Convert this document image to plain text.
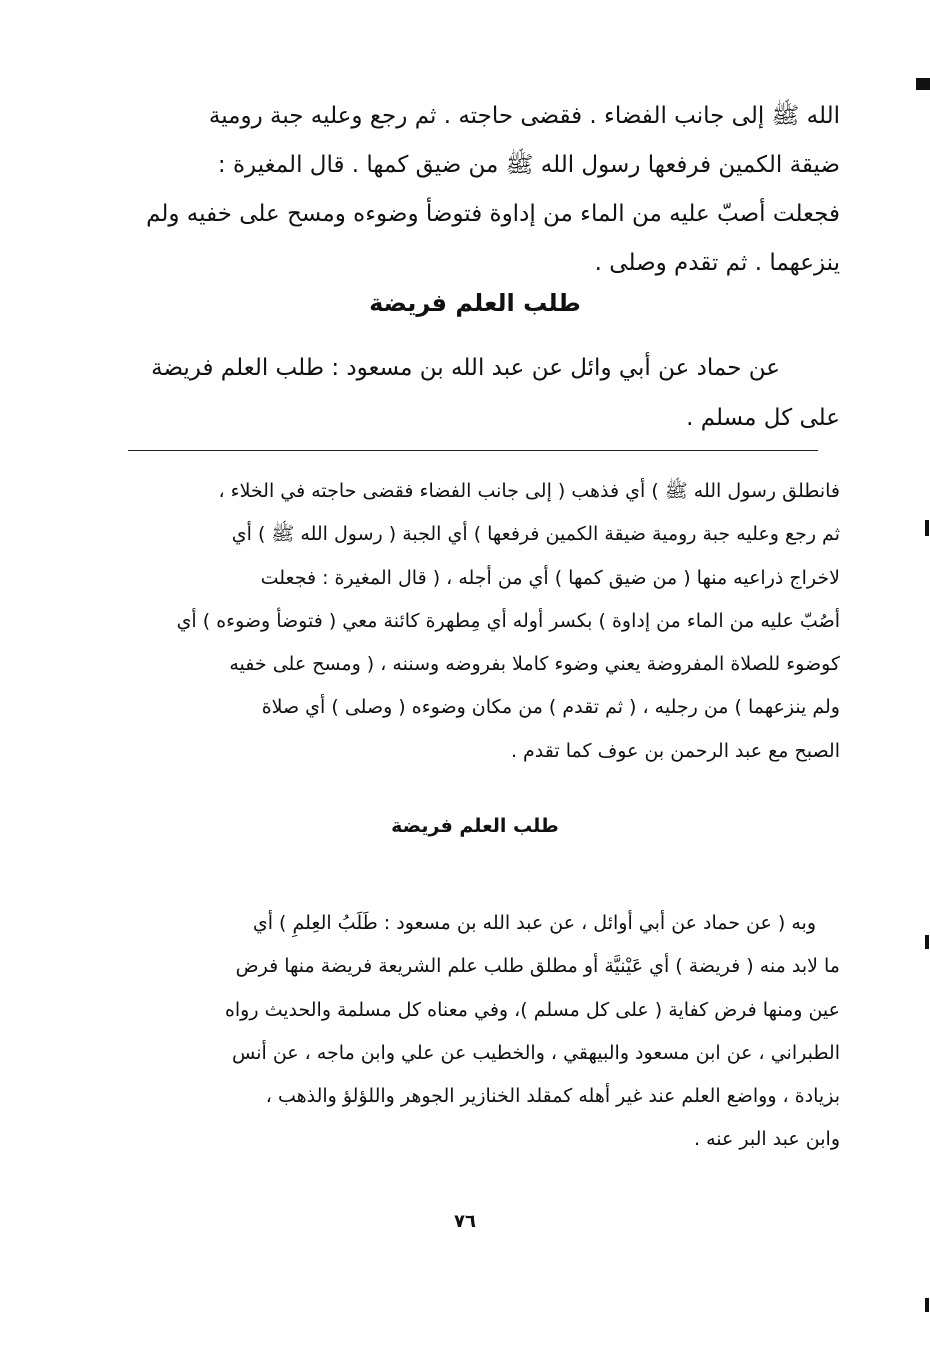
الله ﷺ إلى جانب الفضاء . فقضى حاجته . ثم رجع وعليه جبة رومية
ضيقة الكمين فرفعها رسول الله ﷺ من ضيق كمها . قال المغيرة :
فجعلت أصبّ عليه من الماء من إداوة فتوضأ وضوءه ومسح على خفيه ولم
ينزعهما . ثم تقدم وصلى .
طلب العلم فريضة
عن حماد عن أبي وائل عن عبد الله بن مسعود : طلب العلم فريضة
على كل مسلم .
فانطلق رسول الله ﷺ ) أي فذهب ( إلى جانب الفضاء فقضى حاجته في الخلاء ،
ثم رجع وعليه جبة رومية ضيقة الكمين فرفعها ) أي الجبة ( رسول الله ﷺ ) أي
لاخراج ذراعيه منها ( من ضيق كمها ) أي من أجله ، ( قال المغيرة : فجعلت
أصُبّ عليه من الماء من إداوة ) بكسر أوله أي مِطهرة كائنة معي ( فتوضأ وضوءه ) أي
كوضوء للصلاة المفروضة يعني وضوء كاملا بفروضه وسننه ، ( ومسح على خفيه
ولم ينزعهما ) من رجليه ، ( ثم تقدم ) من مكان وضوءه ( وصلى ) أي صلاة
الصبح مع عبد الرحمن بن عوف كما تقدم .
طلب العلم فريضة
وبه ( عن حماد عن أبي أوائل ، عن عبد الله بن مسعود : طَلَبُ العِلمِ ) أي
ما لابد منه ( فريضة ) أي عَيْنيَّة أو مطلق طلب علم الشريعة فريضة منها فرض
عين ومنها فرض كفاية ( على كل مسلم )، وفي معناه كل مسلمة والحديث رواه
الطبراني ، عن ابن مسعود والبيهقي ، والخطيب عن علي وابن ماجه ، عن أنس
بزيادة ، وواضع العلم عند غير أهله كمقلد الخنازير الجوهر واللؤلؤ والذهب ،
وابن عبد البر عنه .
٧٦
